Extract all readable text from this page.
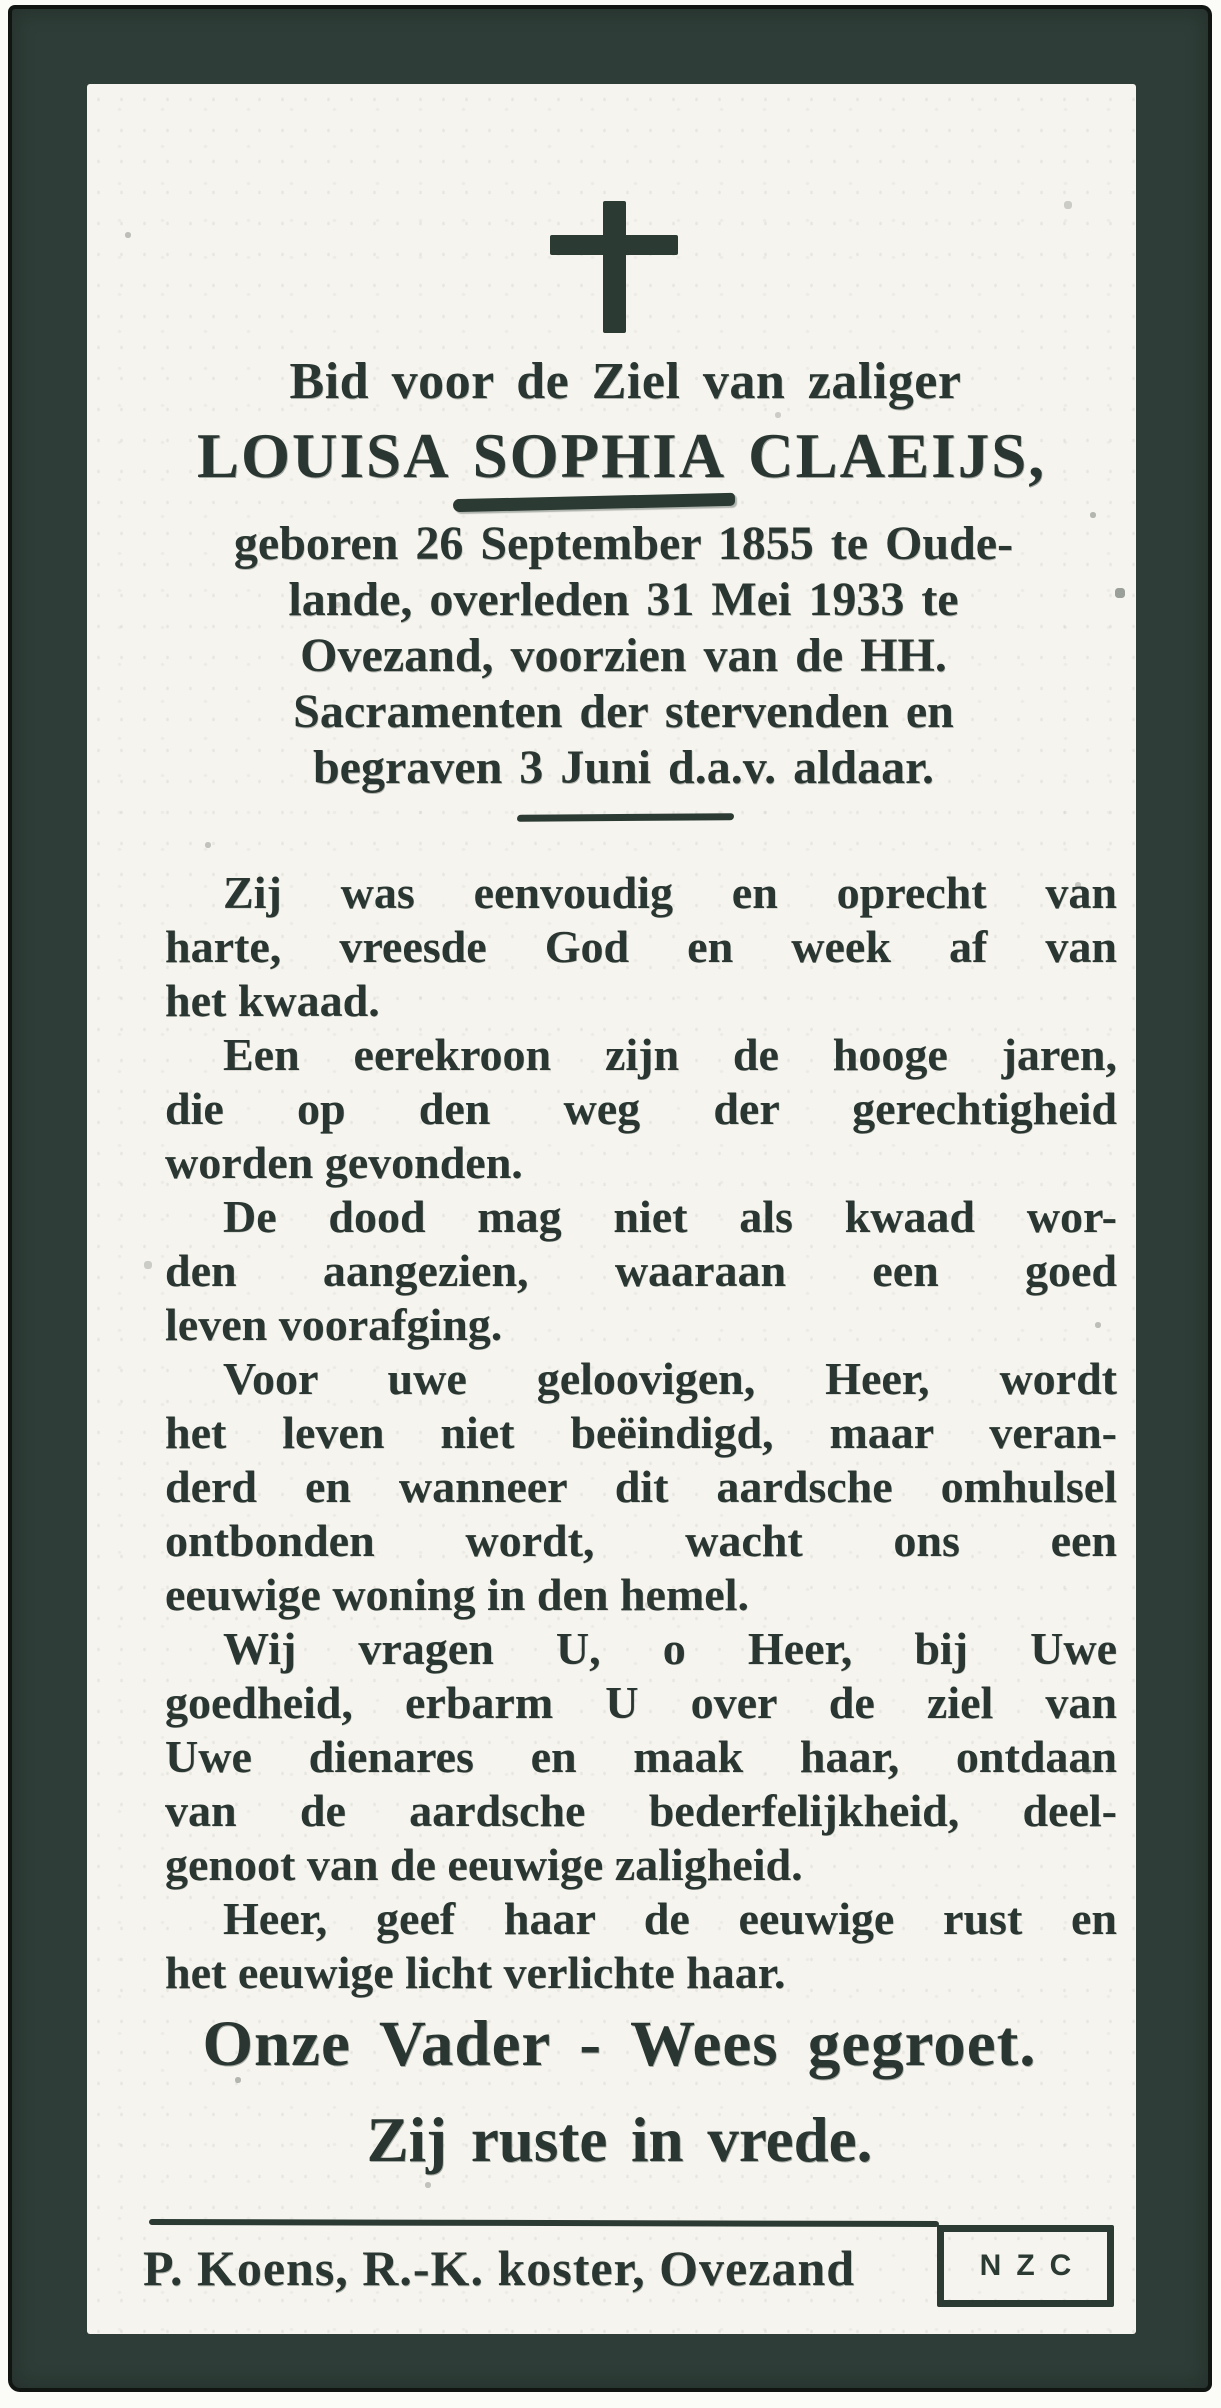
Bid voor de Ziel van zaliger
LOUISA SOPHIA CLAEIJS,
geboren 26 September 1855 te Oude-
lande, overleden 31 Mei 1933 te
Ovezand, voorzien van de HH.
Sacramenten der stervenden en
begraven 3 Juni d.a.v. aldaar.
Zij was eenvoudig en oprecht van
harte, vreesde God en week af van
het kwaad.
Een eerekroon zijn de hooge jaren,
die op den weg der gerechtigheid
worden gevonden.
De dood mag niet als kwaad wor-
den aangezien, waaraan een goed
leven voorafging.
Voor uwe geloovigen, Heer, wordt
het leven niet beëindigd, maar veran-
derd en wanneer dit aardsche omhulsel
ontbonden wordt, wacht ons een
eeuwige woning in den hemel.
Wij vragen U, o Heer, bij Uwe
goedheid, erbarm U over de ziel van
Uwe dienares en maak haar, ontdaan
van de aardsche bederfelijkheid, deel-
genoot van de eeuwige zaligheid.
Heer, geef haar de eeuwige rust en
het eeuwige licht verlichte haar.
Onze Vader - Wees gegroet.
Zij ruste in vrede.
P. Koens, R.-K. koster, Ovezand	NZC
